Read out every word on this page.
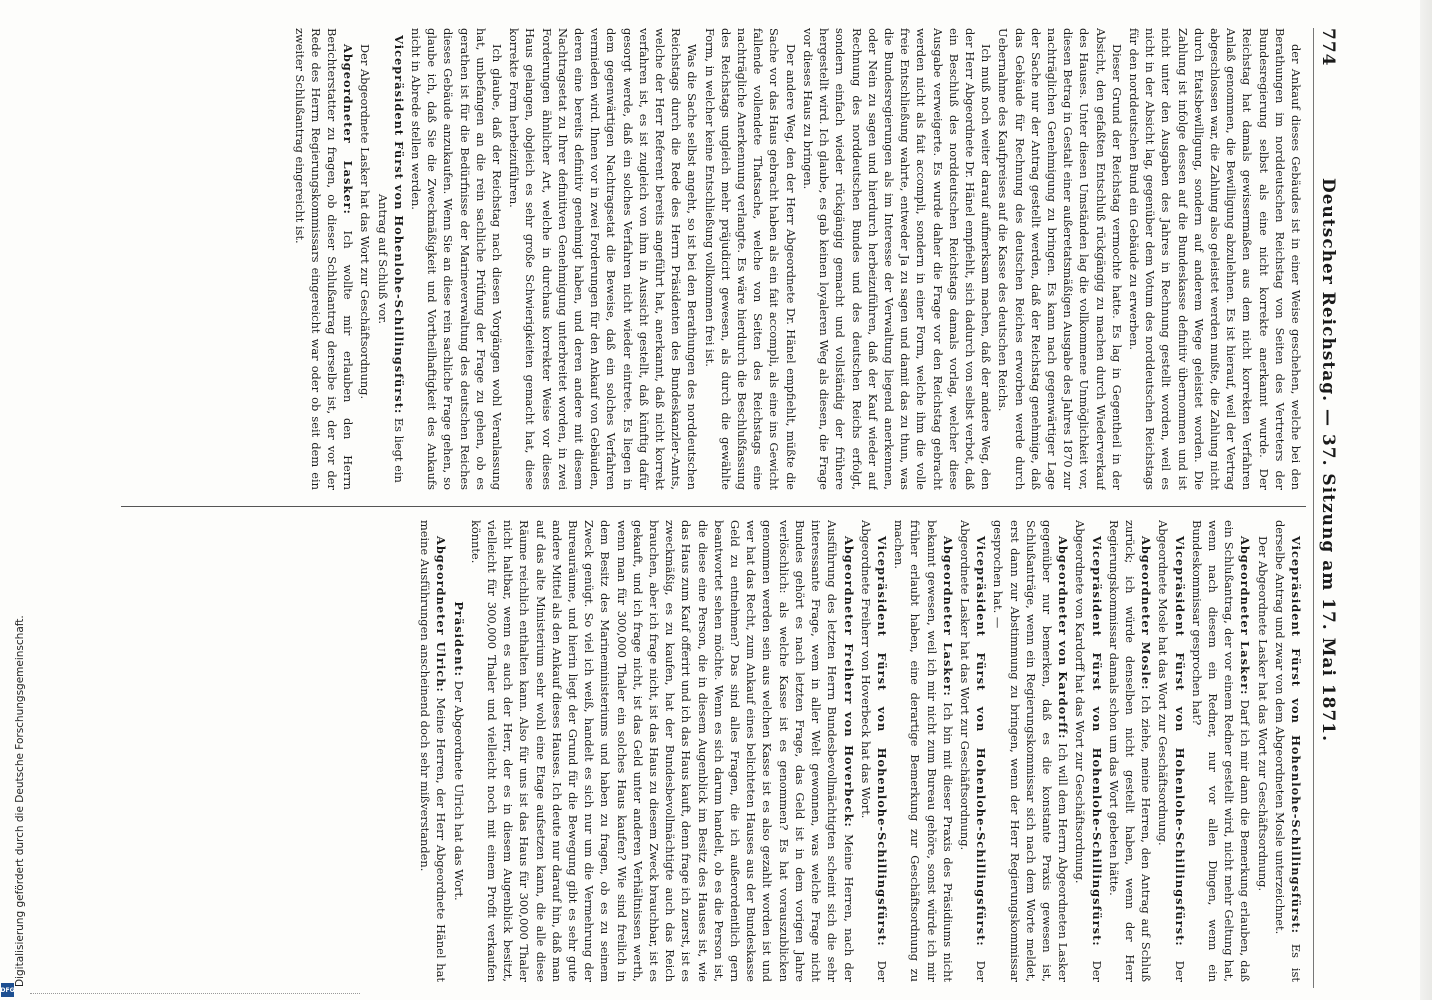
774
Deutscher Reichstag. — 37. Sitzung am 17. Mai 1871.

der Ankauf dieses Gebäudes ist in einer Weise geschehen, welche bei den Berathungen im norddeutschen Reichstag von Seiten des Vertreters der Bundesregierung selbst als eine nicht korrekte anerkannt wurde. Der Reichstag hat damals gewissermaßen aus dem nicht korrekten Verfahren Anlaß genommen, die Bewilligung abzulehnen. Es ist hierauf, weil der Vertrag abgeschlossen war, die Zahlung also geleistet werden mußte, die Zahlung nicht durch Etatsbewilligung, sondern auf anderem Wege geleistet worden. Die Zahlung ist infolge dessen auf die Bundeskasse definitiv übernommen und ist nicht unter den Ausgaben des Jahres in Rechnung gestellt worden, weil es nicht in der Absicht lag, gegenüber dem Votum des norddeutschen Reichstags für den norddeutschen Bund ein Gebäude zu erwerben.

Dieser Grund der Reichstag vermochte hatte. Es lag in Gegentheil in der Absicht, den gefaßten Entschluß rückgängig zu machen durch Wiederverkauf des Hauses. Unter diesen Umständen lag die vollkommene Unmöglichkeit vor, diesen Betrag in Gestalt einer außeretatsmäßigen Ausgabe des Jahres 1870 zur nachträglichen Genehmigung zu bringen. Es kann nach gegenwärtiger Lage der Sache nur der Antrag gestellt werden, daß der Reichstag genehmige, daß das Gebäude für Rechnung des deutschen Reiches erworben werde durch Uebernahme des Kaufpreises auf die Kasse des deutschen Reichs.

Ich muß noch weiter darauf aufmerksam machen, daß der andere Weg, den der Herr Abgeordnete Dr. Hänel empfiehlt, sich dadurch von selbst verbot, daß ein Beschluß des norddeutschen Reichstags damals vorlag, welcher diese Ausgabe verweigerte. Es wurde daher die Frage vor den Reichstag gebracht werden nicht als fait accompli, sondern in einer Form, welche ihm die volle freie Entschließung wahrte, entweder Ja zu sagen und damit das zu thun, was die Bundesregierungen als im Interesse der Verwaltung liegend anerkennen, oder Nein zu sagen und hierdurch herbeizuführen, daß der Kauf wieder auf Rechnung des norddeutschen Bundes und des deutschen Reichs erfolgt, sondern einfach wieder rückgängig gemacht und vollständig der frühere hergestellt wird. Ich glaube, es gab keinen loyaleren Weg als diesen, die Frage vor dieses Haus zu bringen.

Der andere Weg, den der Herr Abgeordnete Dr. Hänel empfiehlt, müßte die Sache vor das Haus gebracht haben als ein fait accompli, als eine ins Gewicht fallende vollendete Thatsache, welche von Seiten des Reichstags eine nachträgliche Anerkennung verlangte. Es wäre hierdurch die Beschlußfassung des Reichstags ungleich mehr präjudicirt gewesen, als durch die gewählte Form, in welcher keine Entschließung vollkommen frei ist.

Was die Sache selbst angeht, so ist bei den Berathungen des norddeutschen Reichstags durch die Rede des Herrn Präsidenten des Bundeskanzler-Amts, welche der Herr Referent bereits angeführt hat, anerkannt, daß nicht korrekt verfahren ist, es ist zugleich von ihm in Aussicht gestellt, daß künftig dafür gesorgt werde, daß ein solches Verfahren nicht wieder eintrete. Es liegen in dem gegenwärtigen Nachtragsetat die Beweise, daß ein solches Verfahren vermieden wird. Ihnen vor in zwei Forderungen für den Ankauf von Gebäuden, deren eine bereits definitiv genehmigt haben, und deren andere mit diesem Nachtragsetat zu Ihrer definitiven Genehmigung unterbreitet worden, in zwei Forderungen ähnlicher Art, welche in durchaus korrekter Weise vor dieses Haus gelangen, obgleich es sehr große Schwierigkeiten gemacht hat, diese korrekte Form herbeizuführen.

Ich glaube, daß der Reichstag nach diesen Vorgängen wohl Veranlassung hat, unbefangen an die rein sachliche Prüfung der Frage zu gehen, ob es gerathen ist für die Bedürfnisse der Marineverwaltung des deutschen Reiches dieses Gebäude anzukaufen. Wenn Sie an diese rein sachliche Frage gehen, so glaube ich, daß Sie die Zweckmäßigkeit und Vortheilhaftigkeit des Ankaufs nicht in Abrede stellen werden.

Vicepräsident Fürst von Hohenlohe-Schillingsfürst: Es liegt ein Antrag auf Schluß vor.

Der Abgeordnete Lasker hat das Wort zur Geschäftsordnung.

Abgeordneter Lasker: Ich wollte mir erlauben den Herrn Berichterstatter zu fragen, ob dieser Schlußantrag derselbe ist, der vor der Rede des Herrn Regierungskommissars eingereicht war oder ob seit dem ein zweiter Schlußantrag eingereicht ist.

Vicepräsident Fürst von Hohenlohe-Schillingsfürst: Es ist derselbe Antrag und zwar von dem Abgeordneten Mosle unterzeichnet.

Der Abgeordnete Lasker hat das Wort zur Geschäftsordnung.

Abgeordneter Lasker: Darf ich mir dann die Bemerkung erlauben, daß ein Schlußantrag, der vor einem Redner gestellt wird, nicht mehr Geltung hat, wenn nach diesem ein Redner, nur vor allen Dingen, wenn ein Bundeskommissar gesprochen hat?

Vicepräsident Fürst von Hohenlohe-Schillingsfürst: Der Abgeordnete Mosle hat das Wort zur Geschäftsordnung.

Abgeordneter Mosle: Ich ziehe, meine Herren, den Antrag auf Schluß zurück; ich würde denselben nicht gestellt haben, wenn der Herr Regierungskommissar damals schon um das Wort gebeten hätte.

Vicepräsident Fürst von Hohenlohe-Schillingsfürst: Der Abgeordnete von Kardorff hat das Wort zur Geschäftsordnung.

Abgeordneter von Kardorff: Ich will dem Herrn Abgeordneten Lasker gegenüber nur bemerken, daß es die konstante Praxis gewesen ist, Schlußanträge, wenn ein Regierungskommissar sich nach dem Worte meldet, erst dann zur Abstimmung zu bringen, wenn der Herr Regierungskommissar gesprochen hat. —

Vicepräsident Fürst von Hohenlohe-Schillingsfürst: Der Abgeordnete Lasker hat das Wort zur Geschäftsordnung.

Abgeordneter Lasker: Ich bin mit dieser Praxis des Präsidiums nicht bekannt gewesen, weil ich mir nicht zum Bureau gehöre, sonst würde ich mir früher erlaubt haben, eine derartige Bemerkung zur Geschäftsordnung zu machen.

Vicepräsident Fürst von Hohenlohe-Schillingsfürst: Der Abgeordnete Freiherr von Hoverbeck hat das Wort.

Abgeordneter Freiherr von Hoverbeck: Meine Herren, nach der Ausführung des letzten Herrn Bundesbevollmächtigten scheint sich die sehr interessante Frage, wem in aller Welt gewonnen, was welche Frage nicht Bundes gehört es nach letzten Frage, das Geld ist in dem vorigen Jahre verlöschlich: als welche Kasse ist es genommen? Es hat vorauszublicken genommen werden sein aus welchen Kasse ist es also gezahlt worden ist und wer hat das Recht, zum Ankauf eines belichteten Hauses aus der Bundeskasse Geld zu entnehmen? Das sind alles Fragen, die ich außerordentlich gern beantwortet sehen möchte. Wenn es sich darum handelt, ob es die Person ist, die diese eine Person, die in diesem Augenblick im Besitz des Hauses ist, wie das Haus zum Kauf offerirt und ich das Haus kauft, denn frage ich zuerst, ist es zweckmäßig, es zu kaufen, hat der Bundesbevollmächtigte auch das Reich brauchen, aber ich frage nicht, ist das Haus zu diesem Zweck brauchbar, ist es gekauft, und ich frage nicht, ist das Geld unter anderen Verhältnissen werth, wenn man für 300,000 Thaler ein solches Haus kaufen? Wie sind freilich in dem Besitz des Marineministeriums und haben zu fragen, ob es zu seinem Zweck genügt. So viel ich weiß, handelt es sich nur um die Vermehrung der Bureauräume, und hierin liegt der Grund für die Bewegung gibt es sehr gute andere Mittel als den Ankauf dieses Hauses. Ich deute nur darauf hin, daß man auf das alte Ministerium sehr wohl eine Etage aufsetzen kann, die alle diese Räume reichlich enthalten kann. Also für uns ist das Haus für 300,000 Thaler nicht haltbar, wenn es auch der Herr, der es in diesem Augenblick besitzt, vielleicht für 300,000 Thaler und vielleicht noch mit einem Profit verkaufen könnte.

Präsident: Der Abgeordnete Ulrich hat das Wort.

Abgeordneter Ulrich: Meine Herren, der Herr Abgeordnete Hänel hat meine Ausführungen anscheinend doch sehr mißverstanden.

Digitalisierung gefördert durch die Deutsche Forschungsgemeinschaft.
DFG
